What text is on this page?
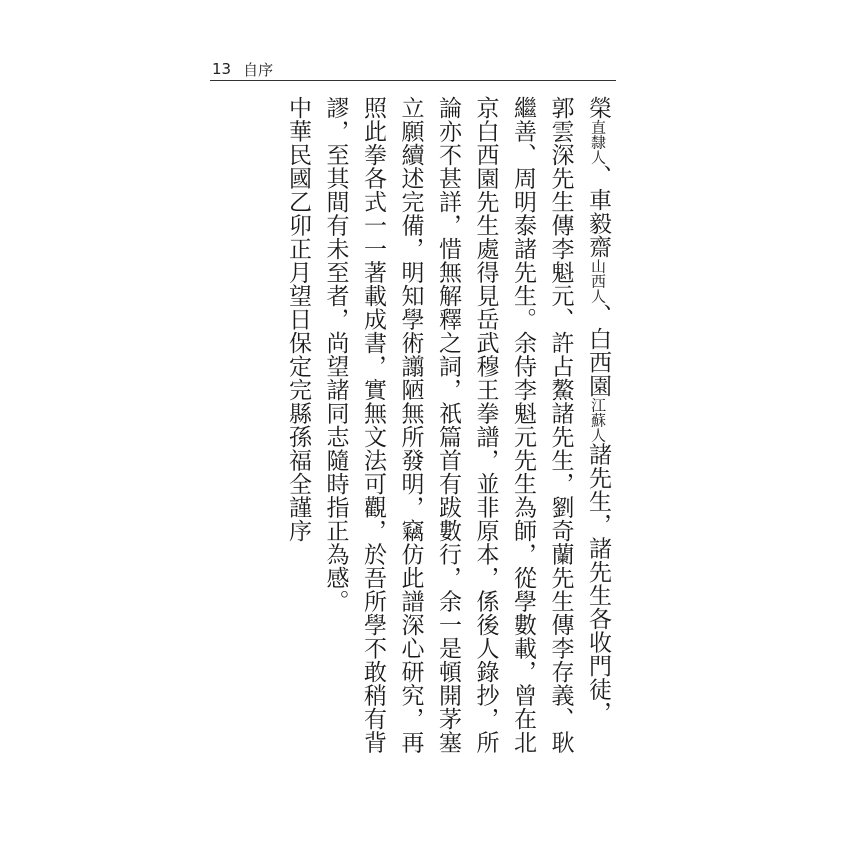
13 自序
榮直隸人、車毅齋山西人、白西園江蘇人諸先生，諸先生各收門徒，
郭雲深先生傳李魁元、許占鰲諸先生，劉奇蘭先生傳李存義、耿
繼善、周明泰諸先生。余侍李魁元先生為師，從學數載，曾在北
京白西園先生處得見岳武穆王拳譜，並非原本，係後人錄抄，所
論亦不甚詳，惜無解釋之詞，祇篇首有跋數行，余一是頓開茅塞
立願續述完備，明知學術譾陋無所發明，竊仿此譜深心研究，再
照此拳各式一一著載成書，實無文法可觀，於吾所學不敢稍有背
謬，至其間有未至者，尚望諸同志隨時指正為感。
中華民國乙卯正月望日保定完縣孫福全謹序
